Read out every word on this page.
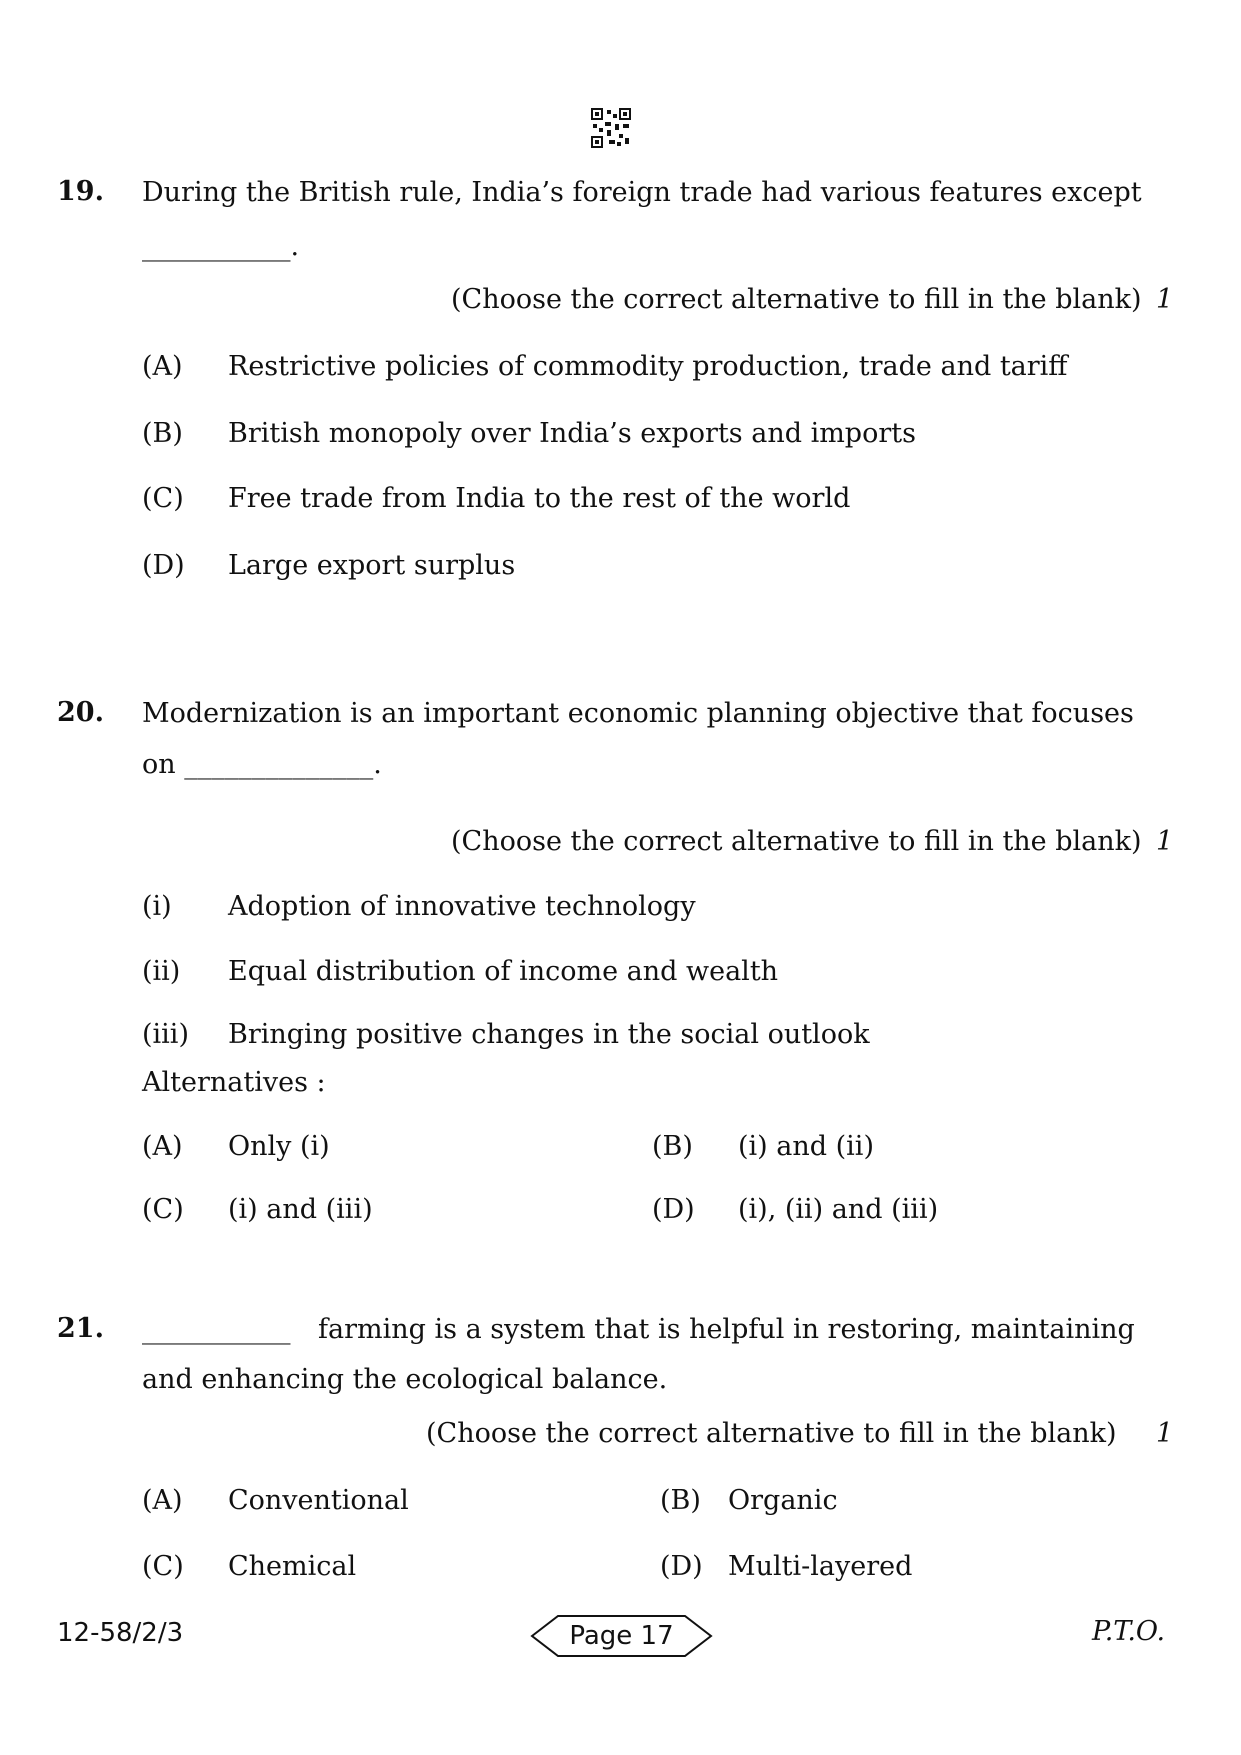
19. During the British rule, India’s foreign trade had various features except
___________.
(Choose the correct alternative to fill in the blank) 1
(A) Restrictive policies of commodity production, trade and tariff
(B) British monopoly over India’s exports and imports
(C) Free trade from India to the rest of the world
(D) Large export surplus
20. Modernization is an important economic planning objective that focuses
on ______________.
(Choose the correct alternative to fill in the blank) 1
(i) Adoption of innovative technology
(ii) Equal distribution of income and wealth
(iii) Bringing positive changes in the social outlook
Alternatives :
(A) Only (i)	(B) (i) and (ii)
(C) (i) and (iii)	(D) (i), (ii) and (iii)
21. ___________ farming is a system that is helpful in restoring, maintaining
and enhancing the ecological balance.
(Choose the correct alternative to fill in the blank) 1
(A) Conventional	(B) Organic
(C) Chemical	(D) Multi-layered
12-58/2/3	Page 17	P.T.O.
